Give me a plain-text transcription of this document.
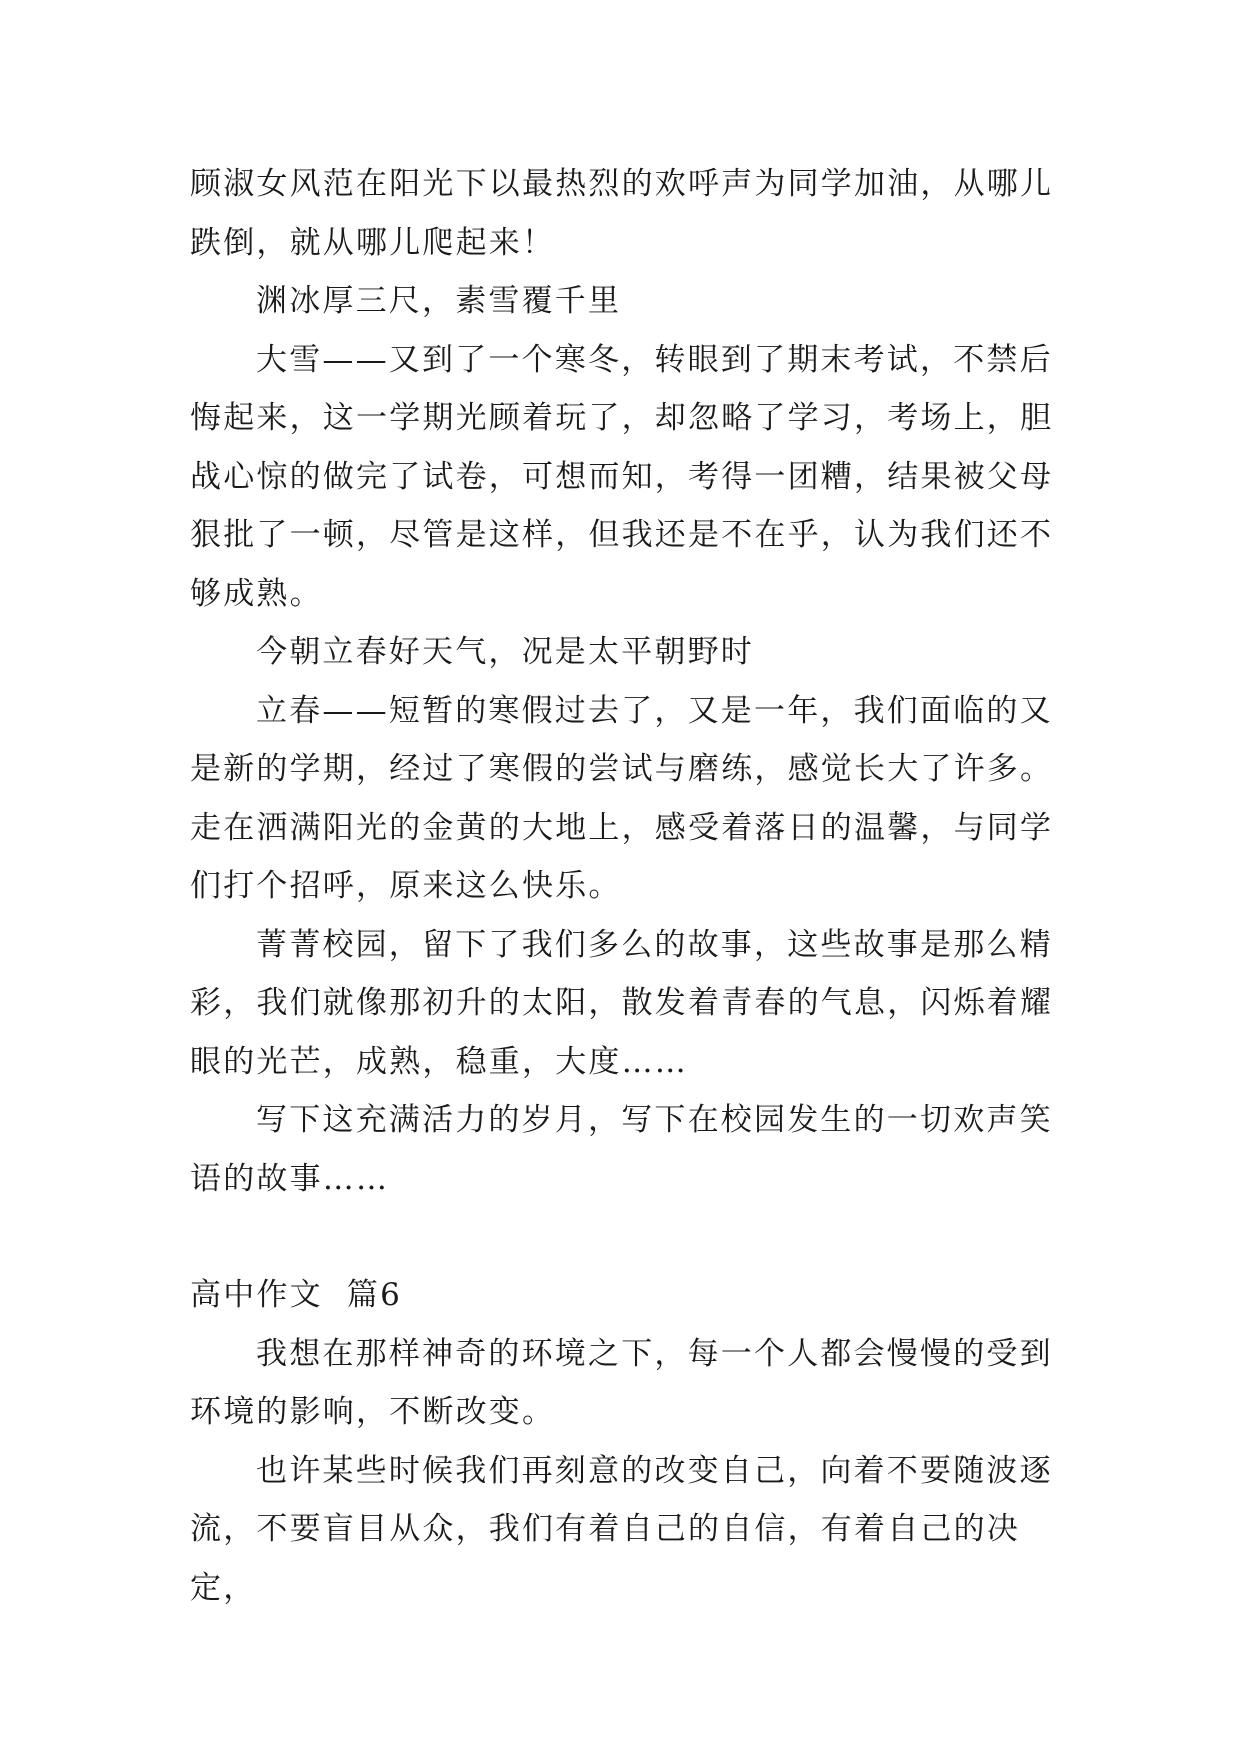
顾淑女风范在阳光下以最热烈的欢呼声为同学加油，从哪儿跌倒，就从哪儿爬起来！

渊冰厚三尺，素雪覆千里

大雪——又到了一个寒冬，转眼到了期末考试，不禁后悔起来，这一学期光顾着玩了，却忽略了学习，考场上，胆战心惊的做完了试卷，可想而知，考得一团糟，结果被父母狠批了一顿，尽管是这样，但我还是不在乎，认为我们还不够成熟。

今朝立春好天气，况是太平朝野时

立春——短暂的寒假过去了，又是一年，我们面临的又是新的学期，经过了寒假的尝试与磨练，感觉长大了许多。走在洒满阳光的金黄的大地上，感受着落日的温馨，与同学们打个招呼，原来这么快乐。

菁菁校园，留下了我们多么的故事，这些故事是那么精彩，我们就像那初升的太阳，散发着青春的气息，闪烁着耀眼的光芒，成熟，稳重，大度……

写下这充满活力的岁月，写下在校园发生的一切欢声笑语的故事……

高中作文  篇6

我想在那样神奇的环境之下，每一个人都会慢慢的受到环境的影响，不断改变。

也许某些时候我们再刻意的改变自己，向着不要随波逐流，不要盲目从众，我们有着自己的自信，有着自己的决定，
